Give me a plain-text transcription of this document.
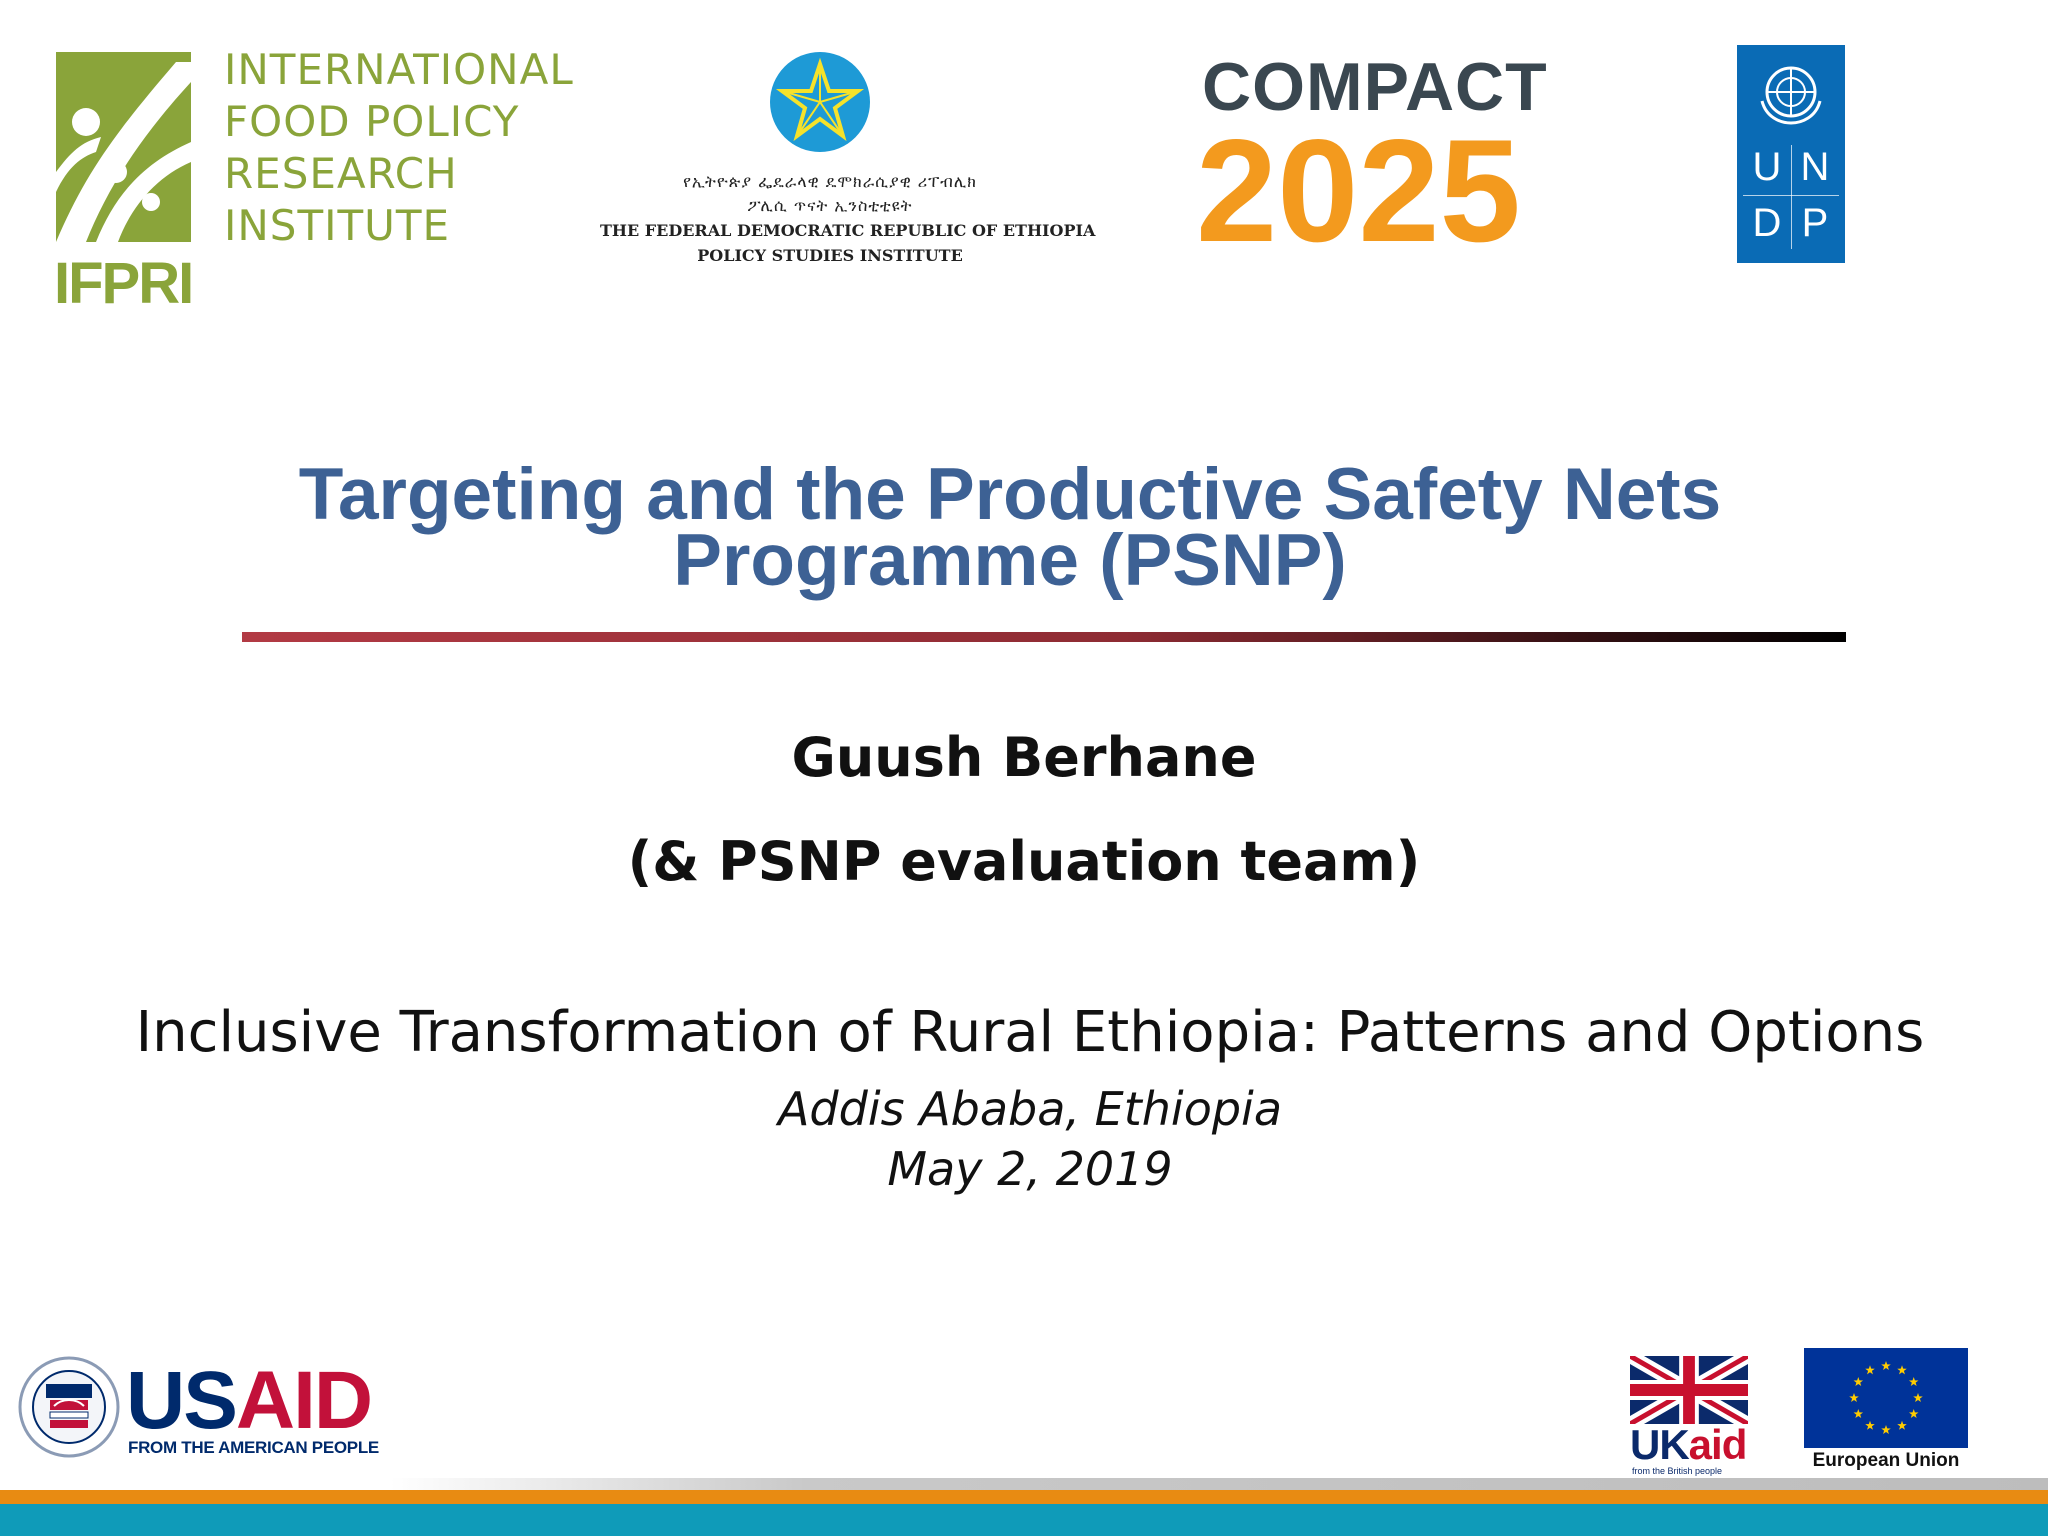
INTERNATIONAL
FOOD POLICY
RESEARCH
INSTITUTE
IFPRI
የኢትዮጵያ ፌዴራላዊ ዴሞክራሲያዊ ሪፐብሊክ
ፖሊሲ ጥናት ኢንስቲቲዩት
THE FEDERAL DEMOCRATIC REPUBLIC OF ETHIOPIA
POLICY STUDIES INSTITUTE
COMPACT
2025	U N
D P
Targeting and the Productive Safety Nets
Programme (PSNP)
Guush Berhane
(& PSNP evaluation team)
Inclusive Transformation of Rural Ethiopia: Patterns and Options
Addis Ababa, Ethiopia
May 2, 2019
USAID
FROM THE AMERICAN PEOPLE	UKaid
from the British people	European Union
